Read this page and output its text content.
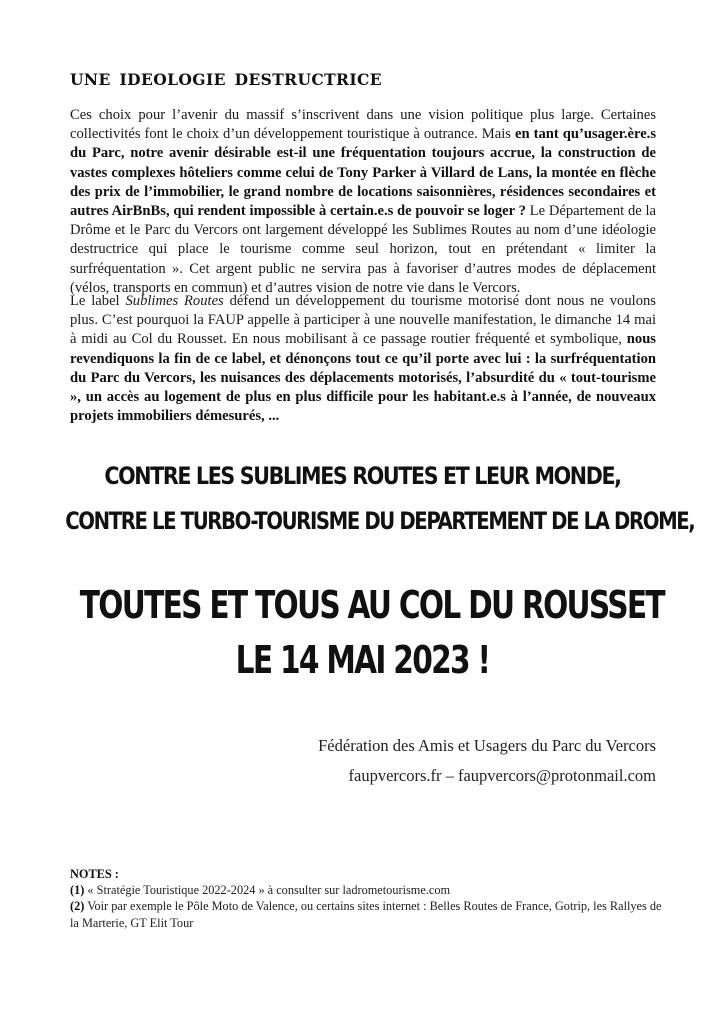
UNE IDEOLOGIE DESTRUCTRICE

Ces choix pour l’avenir du massif s’inscrivent dans une vision politique plus large. Certaines collectivités font le choix d’un développement touristique à outrance. Mais en tant qu’usager.ère.s du Parc, notre avenir désirable est-il une fréquentation toujours accrue, la construction de vastes complexes hôteliers comme celui de Tony Parker à Villard de Lans, la montée en flèche des prix de l’immobilier, le grand nombre de locations saisonnières, résidences secondaires et autres AirBnBs, qui rendent impossible à certain.e.s de pouvoir se loger ? Le Département de la Drôme et le Parc du Vercors ont largement développé les Sublimes Routes au nom d’une idéologie destructrice qui place le tourisme comme seul horizon, tout en prétendant « limiter la surfréquentation ». Cet argent public ne servira pas à favoriser d’autres modes de déplacement (vélos, transports en commun) et d’autres vision de notre vie dans le Vercors.

Le label Sublimes Routes défend un développement du tourisme motorisé dont nous ne voulons plus. C’est pourquoi la FAUP appelle à participer à une nouvelle manifestation, le dimanche 14 mai à midi au Col du Rousset. En nous mobilisant à ce passage routier fréquenté et symbolique, nous revendiquons la fin de ce label, et dénonçons tout ce qu’il porte avec lui : la surfréquentation du Parc du Vercors, les nuisances des déplacements motorisés, l’absurdité du « tout-tourisme », un accès au logement de plus en plus difficile pour les habitant.e.s à l’année, de nouveaux projets immobiliers démesurés, ...

CONTRE LES SUBLIMES ROUTES ET LEUR MONDE,
CONTRE LE TURBO-TOURISME DU DEPARTEMENT DE LA DROME,
TOUTES ET TOUS AU COL DU ROUSSET
LE 14 MAI 2023 !
Fédération des Amis et Usagers du Parc du Vercors
faupvercors.fr – faupvercors@protonmail.com
NOTES :
(1) « Stratégie Touristique 2022-2024 » à consulter sur ladrometourisme.com
(2) Voir par exemple le Pôle Moto de Valence, ou certains sites internet : Belles Routes de France, Gotrip, les Rallyes de la Marterie, GT Elit Tour
